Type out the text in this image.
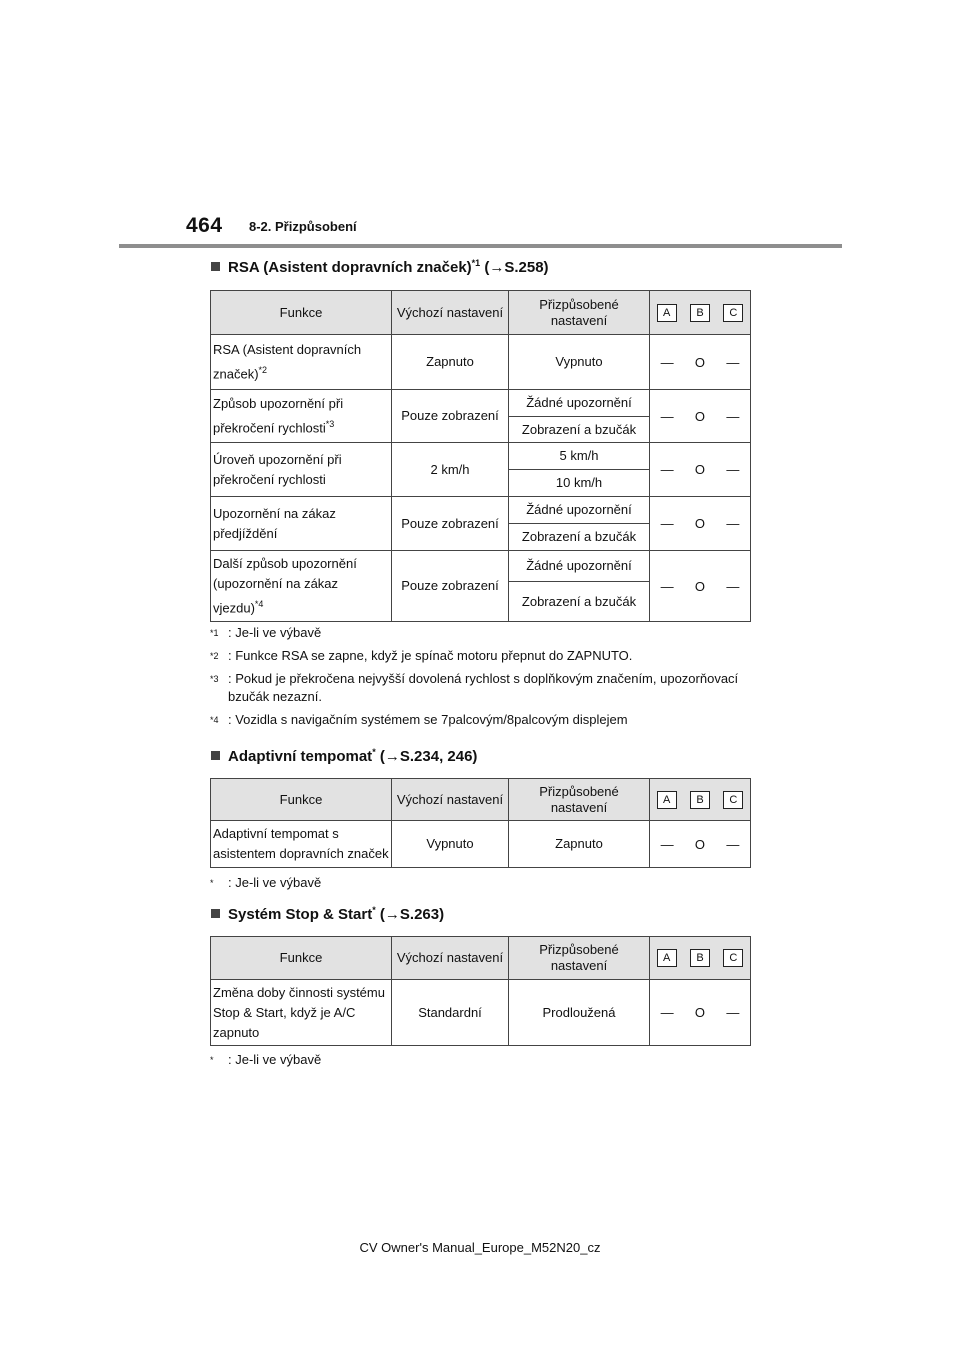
464 8-2. Přizpůsobení
RSA (Asistent dopravních značek)$^{*1}$ (→S.258)
Funkce	Výchozí nastavení	Přizpůsobené nastavení	A B C

RSA (Asistent dopravních značek)$^{*2}$	Zapnuto	Vypnuto	— O —

Způsob upozornění při překročení rychlosti$^{*3}$	Pouze zobrazení	Žádné upozornění	— O —

		Zobrazení a bzučák	
Úroveň upozornění při překročení rychlosti	2 km/h	5 km/h	— O —

		10 km/h	
Upozornění na zákaz předjíždění	Pouze zobrazení	Žádné upozornění	— O —

		Zobrazení a bzučák	
Další způsob upozornění (upozornění na zákaz vjezdu)$^{*4}$	Pouze zobrazení	Žádné upozornění	— O —

		Zobrazení a bzučák	
*1 : Je-li ve výbavě
*2 : Funkce RSA se zapne, když je spínač motoru přepnut do ZAPNUTO.
*3 : Pokud je překročena nejvyšší dovolená rychlost s doplňkovým značením, upozorňovací bzučák nezazní.
*4 : Vozidla s navigačním systémem se 7palcovým/8palcovým displejem
Adaptivní tempomat* (→S.234, 246)
Funkce	Výchozí nastavení	Přizpůsobené nastavení	A B C

Adaptivní tempomat s asistentem dopravních značek	Vypnuto	Zapnuto	— O —
* : Je-li ve výbavě
Systém Stop & Start* (→S.263)
Funkce	Výchozí nastavení	Přizpůsobené nastavení	A B C

Změna doby činnosti systému Stop & Start, když je A/C zapnuto	Standardní	Prodloužená	— O —
* : Je-li ve výbavě
CV Owner's Manual_Europe_M52N20_cz
